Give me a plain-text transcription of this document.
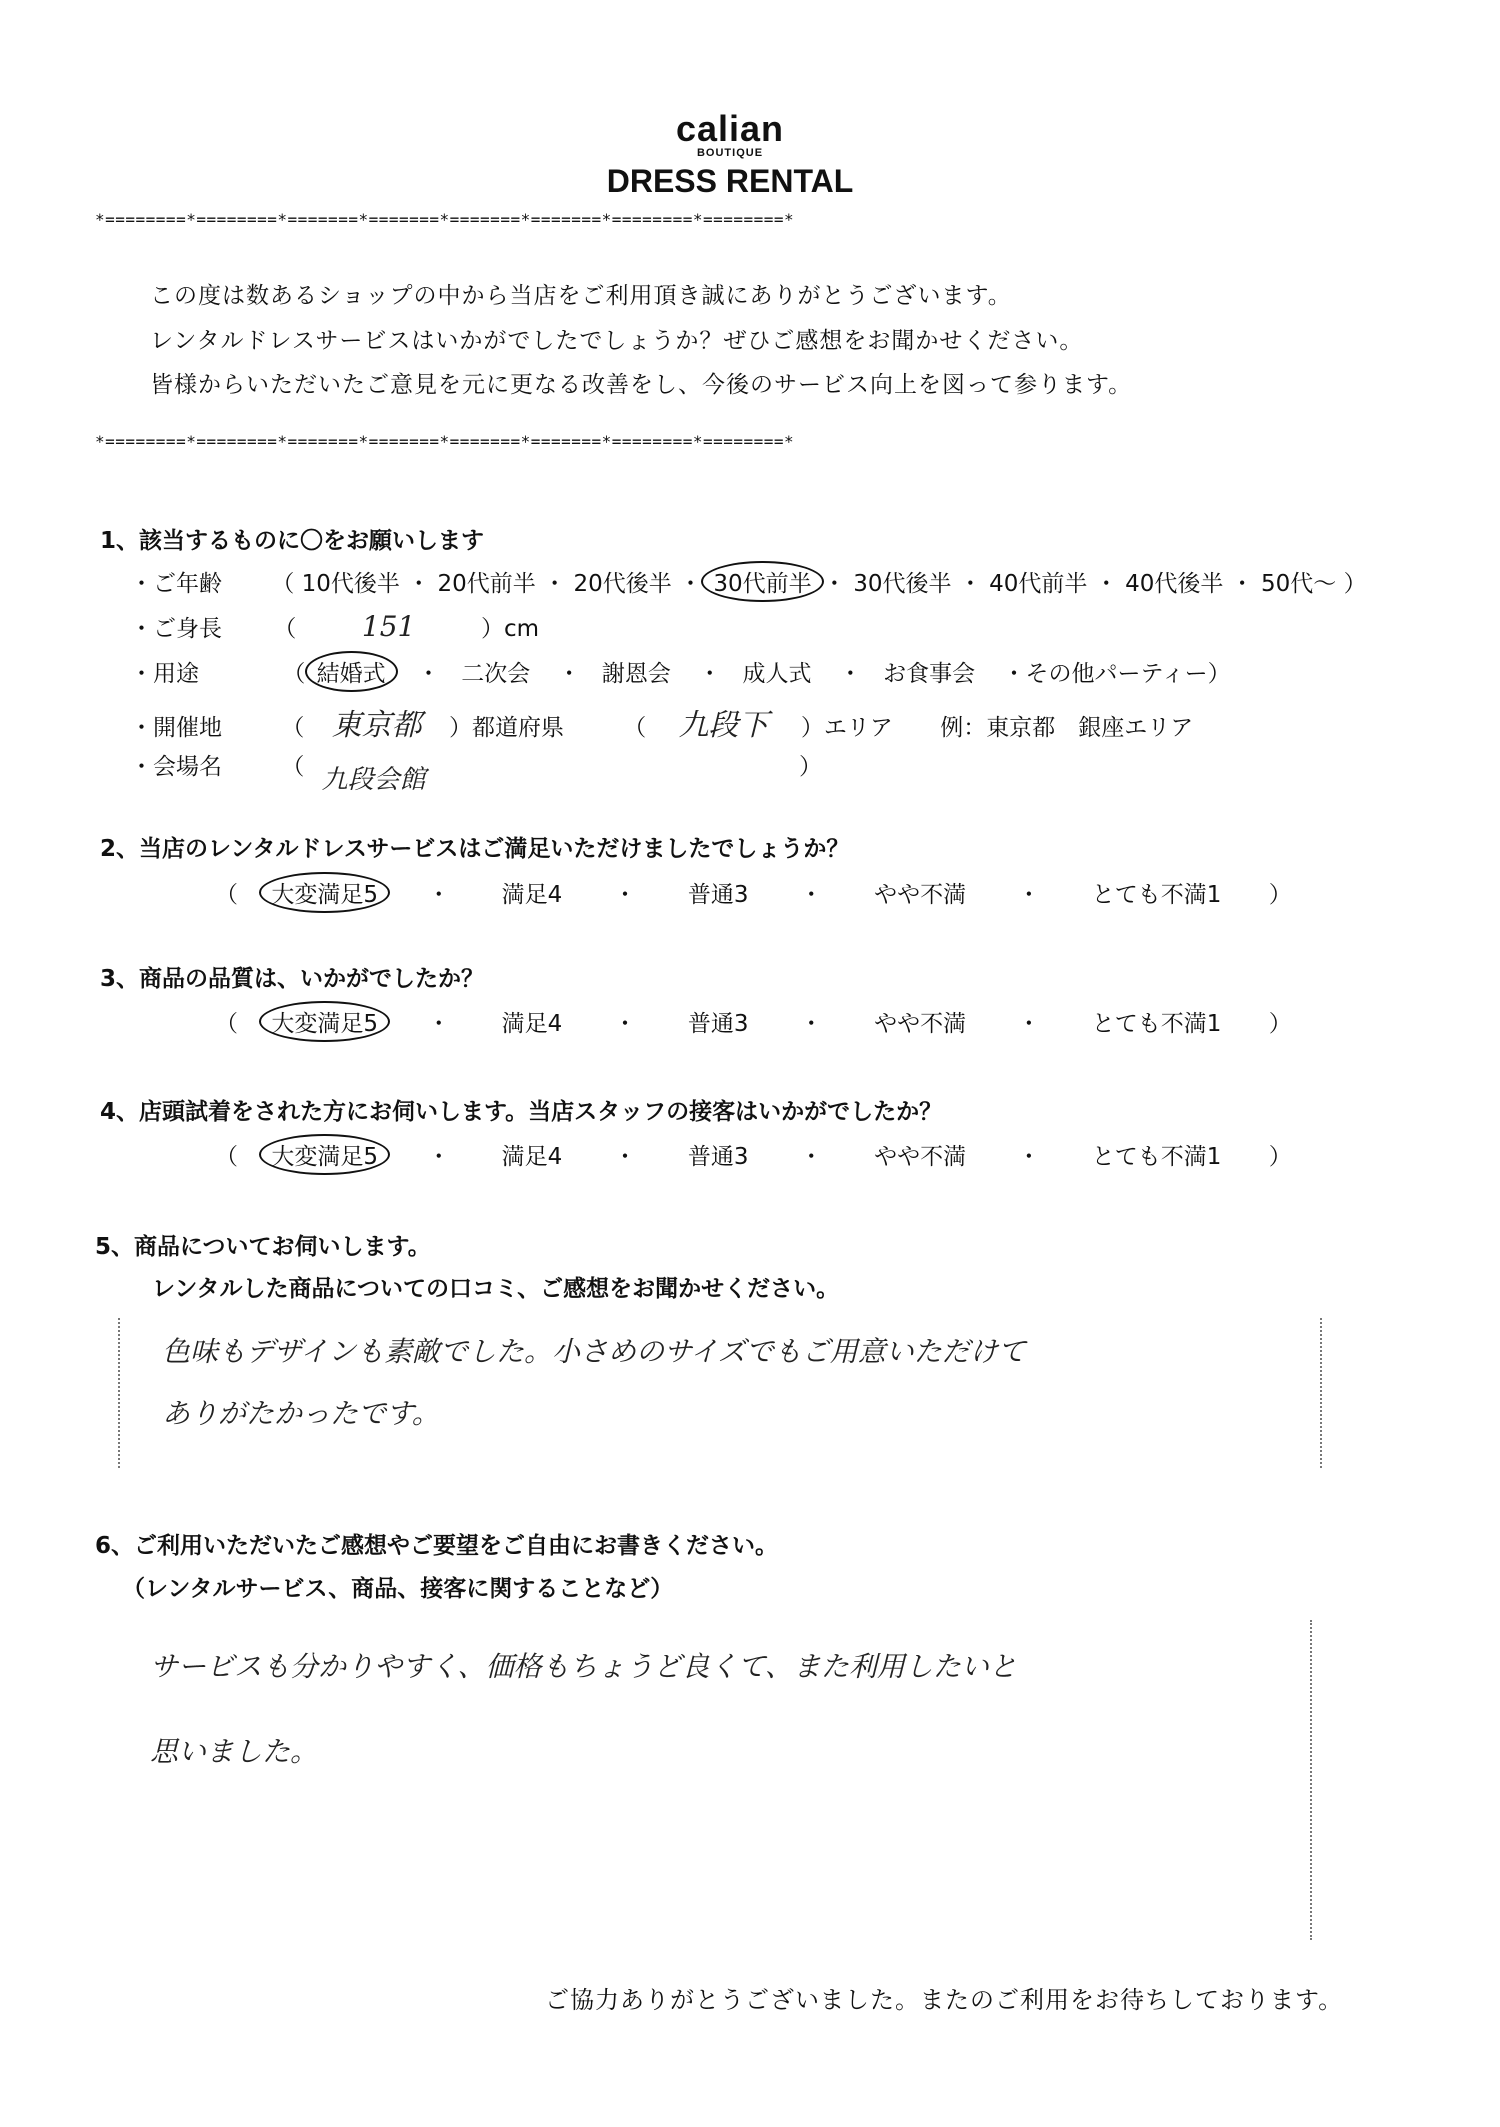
calian
BOUTIQUE
DRESS RENTAL
*========*========*=======*=======*=======*=======*========*========*
この度は数あるショップの中から当店をご利用頂き誠にありがとうございます。
レンタルドレスサービスはいかがでしたでしょうか？ぜひご感想をお聞かせください。
皆様からいただいたご意見を元に更なる改善をし、今後のサービス向上を図って参ります。
*========*========*=======*=======*=======*=======*========*========*
1、該当するものに〇をお願いします
・ご年齢 （ 10代後半 ・ 20代前半 ・ 20代後半 ・ 30代前半 ・ 30代後半 ・ 40代前半 ・ 40代後半 ・ 50代～ ）
・ご身長 （ 151	）cm
・用途	（ 結婚式 ・ 二次会 ・ 謝恩会 ・ 成人式 ・ お食事会 ・その他パーティー）
・開催地	（ 東京都 ）都道府県	（ 九段下 ）エリア 例：東京都　銀座エリア
・会場名	（ 九段会館	）
2、当店のレンタルドレスサービスはご満足いただけましたでしょうか？
（ 大変満足5 ・ 満足4 ・ 普通3 ・ やや不満 ・ とても不満1 ）
3、商品の品質は、いかがでしたか？
（ 大変満足5 ・ 満足4 ・ 普通3 ・ やや不満 ・ とても不満1 ）
4、店頭試着をされた方にお伺いします。当店スタッフの接客はいかがでしたか？
（ 大変満足5 ・ 満足4 ・ 普通3 ・ やや不満 ・ とても不満1 ）
5、商品についてお伺いします。
レンタルした商品についての口コミ、ご感想をお聞かせください。
色味もデザインも素敵でした。小さめのサイズでもご用意いただけて
ありがたかったです。
6、ご利用いただいたご感想やご要望をご自由にお書きください。
（レンタルサービス、商品、接客に関することなど）
サービスも分かりやすく、価格もちょうど良くて、また利用したいと
思いました。
ご協力ありがとうございました。またのご利用をお待ちしております。
